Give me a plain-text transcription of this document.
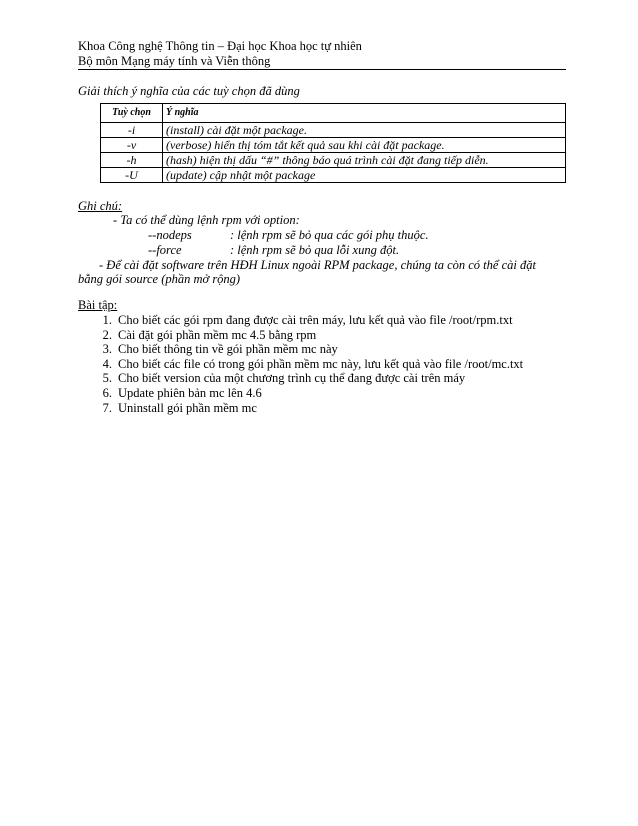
Khoa Công nghệ Thông tin – Đại học Khoa học tự nhiên
Bộ môn Mạng máy tính và Viễn thông
Giải thích ý nghĩa của các tuỳ chọn đã dùng
Tuỳ chọn	Ý nghĩa
-i	(install) cài đặt một package.
-v	(verbose) hiển thị tóm tắt kết quả sau khi cài đặt package.
-h	(hash) hiện thị dấu “#” thông báo quá trình cài đặt đang tiếp diễn.
-U	(update) cập nhật một package
Ghi chú:
- Ta có thể dùng lệnh rpm với option:
--nodeps	: lệnh rpm sẽ bỏ qua các gói phụ thuộc.
--force	: lệnh rpm sẽ bỏ qua lỗi xung đột.
- Để cài đặt software trên HĐH Linux ngoài RPM package, chúng ta còn có thể cài đặt
bằng gói source (phần mở rộng)
Bài tập:
1. Cho biết các gói rpm đang được cài trên máy, lưu kết quả vào file /root/rpm.txt
2. Cài đặt gói phần mềm mc 4.5 bằng rpm
3. Cho biết thông tin về gói phần mềm mc này
4. Cho biết các file có trong gói phần mềm mc này, lưu kết quả vào file /root/mc.txt
5. Cho biết version của một chương trình cụ thể đang được cài trên máy
6. Update phiên bản mc lên 4.6
7. Uninstall gói phần mềm mc
